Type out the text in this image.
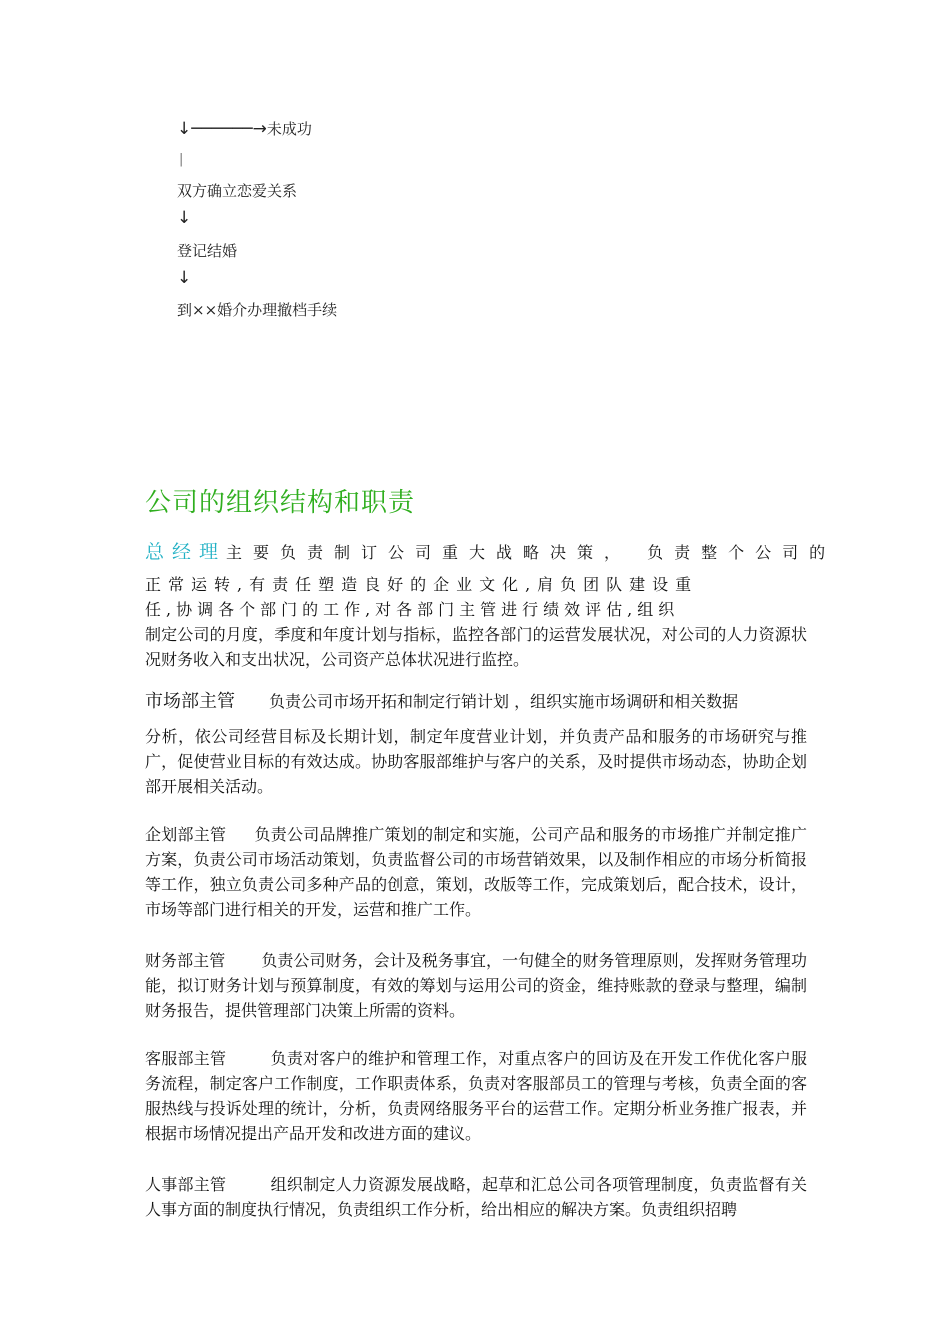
↓──────→未成功
|
双方确立恋爱关系
↓
登记结婚
↓
到××婚介办理撤档手续
公司的组织结构和职责
总经理主要负责制订公司重大战略决策， 负责整个公司的
正常运转,有责任塑造良好的企业文化,肩负团队建设重
任,协调各个部门的工作,对各部门主管进行绩效评估,组织
制定公司的月度，季度和年度计划与指标，监控各部门的运营发展状况，对公司的人力资源状况财务收入和支出状况，公司资产总体状况进行监控。
市场部主管 负责公司市场开拓和制定行销计划 ，组织实施市场调研和相关数据
分析，依公司经营目标及长期计划，制定年度营业计划，并负责产品和服务的市场研究与推广，促使营业目标的有效达成。协助客服部维护与客户的关系，及时提供市场动态，协助企划部开展相关活动。
企划部主管 负责公司品牌推广策划的制定和实施，公司产品和服务的市场推广并制定推广方案，负责公司市场活动策划，负责监督公司的市场营销效果，以及制作相应的市场分析简报等工作，独立负责公司多种产品的创意，策划，改版等工作，完成策划后，配合技术，设计，市场等部门进行相关的开发，运营和推广工作。
财务部主管 负责公司财务，会计及税务事宜，一句健全的财务管理原则，发挥财务管理功能，拟订财务计划与预算制度，有效的筹划与运用公司的资金，维持账款的登录与整理，编制财务报告，提供管理部门决策上所需的资料。
客服部主管	负责对客户的维护和管理工作，对重点客户的回访及在开发工作优化客户服务流程，制定客户工作制度，工作职责体系，负责对客服部员工的管理与考核，负责全面的客服热线与投诉处理的统计，分析，负责网络服务平台的运营工作。定期分析业务推广报表，并根据市场情况提出产品开发和改进方面的建议。
人事部主管	组织制定人力资源发展战略，起草和汇总公司各项管理制度，负责监督有关人事方面的制度执行情况，负责组织工作分析，给出相应的解决方案。负责组织招聘
